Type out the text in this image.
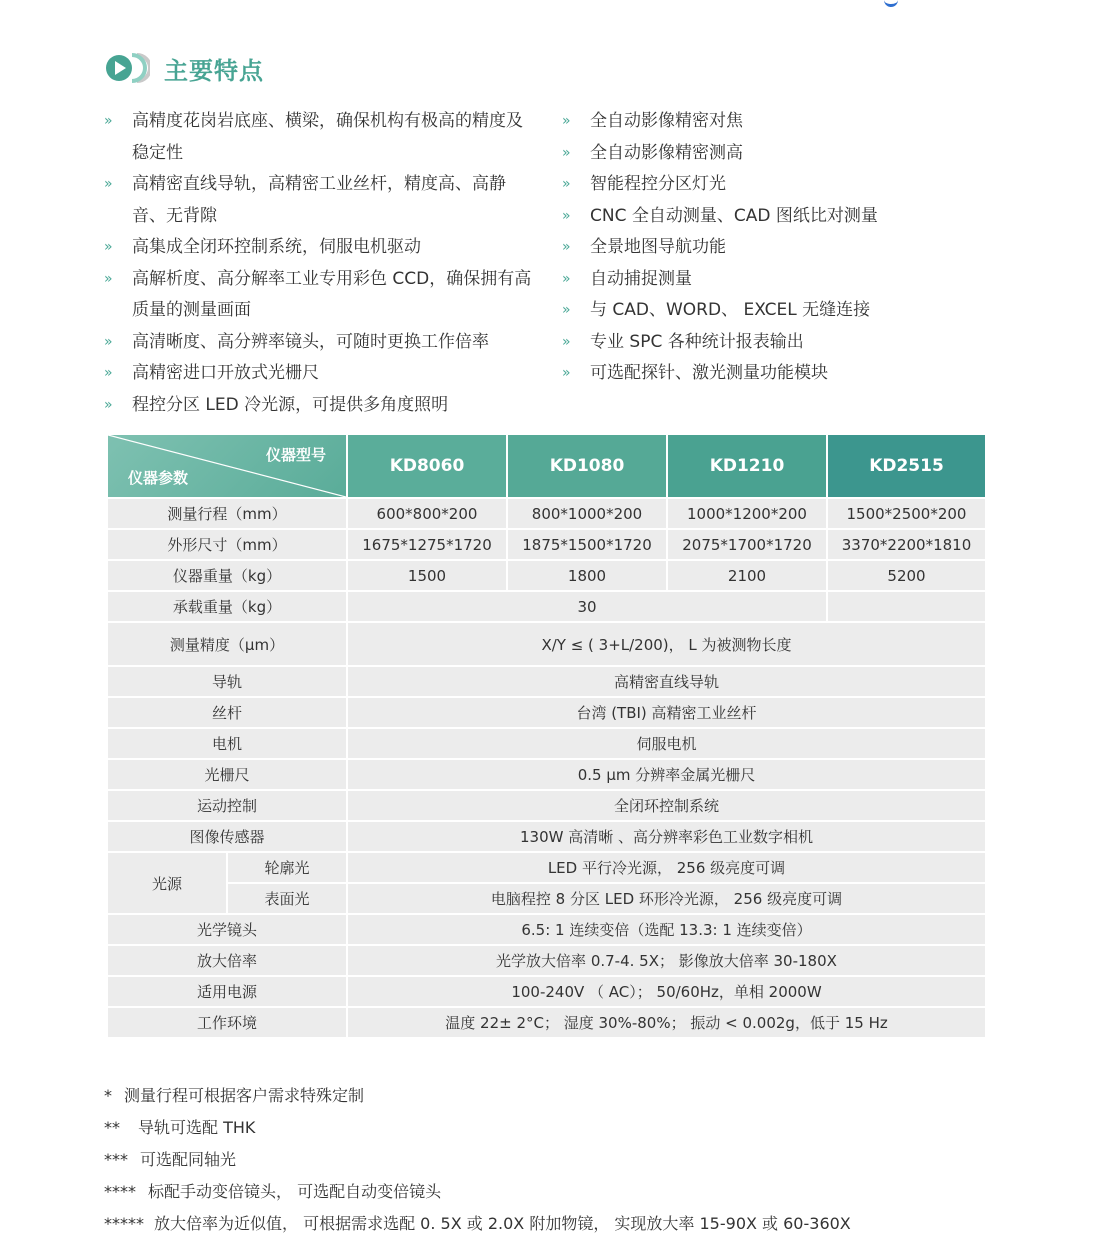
主要特点
» 高精度花岗岩底座、横梁，确保机构有极高的精度及稳定性
» 高精密直线导轨，高精密工业丝杆，精度高、高静音、无背隙
» 高集成全闭环控制系统，伺服电机驱动
» 高解析度、高分解率工业专用彩色 CCD，确保拥有高质量的测量画面
» 高清晰度、高分辨率镜头，可随时更换工作倍率
» 高精密进口开放式光栅尺
» 程控分区 LED 冷光源，可提供多角度照明
» 全自动影像精密对焦
» 全自动影像精密测高
» 智能程控分区灯光
» CNC 全自动测量、CAD 图纸比对测量
» 全景地图导航功能
» 自动捕捉测量
» 与 CAD、WORD、 EXCEL 无缝连接
» 专业 SPC 各种统计报表输出
» 可选配探针、激光测量功能模块
仪器型号
仪器参数		KD8060	KD1080	KD1210	KD2515
测量行程（mm）		600*800*200	800*1000*200	1000*1200*200	1500*2500*200
外形尺寸（mm）		1675*1275*1720	1875*1500*1720	2075*1700*1720	3370*2200*1810
仪器重量（kg）		1500	1800	2100	5200
承载重量（kg）		30			
测量精度（μm）		X/Y ≤ ( 3+L/200)， L 为被测物长度			
导轨		高精密直线导轨			
丝杆		台湾 (TBI) 高精密工业丝杆			
电机		伺服电机			
光栅尺		0.5 μm 分辨率金属光栅尺			
运动控制		全闭环控制系统			
图像传感器		130W 高清晰 、高分辨率彩色工业数字相机			
光源	轮廓光	LED 平行冷光源， 256 级亮度可调			
	表面光	电脑程控 8 分区 LED 环形冷光源， 256 级亮度可调			
光学镜头		6.5: 1 连续变倍（选配 13.3: 1 连续变倍）			
放大倍率		光学放大倍率 0.7-4. 5X； 影像放大倍率 30-180X			
适用电源		100-240V （ AC）； 50/60Hz，单相 2000W			
工作环境		温度 22± 2°C； 湿度 30%-80%； 振动 < 0.002g，低于 15 Hz			
* 测量行程可根据客户需求特殊定制
** 导轨可选配 THK
*** 可选配同轴光
**** 标配手动变倍镜头， 可选配自动变倍镜头
***** 放大倍率为近似值， 可根据需求选配 0. 5X 或 2.0X 附加物镜， 实现放大率 15-90X 或 60-360X
